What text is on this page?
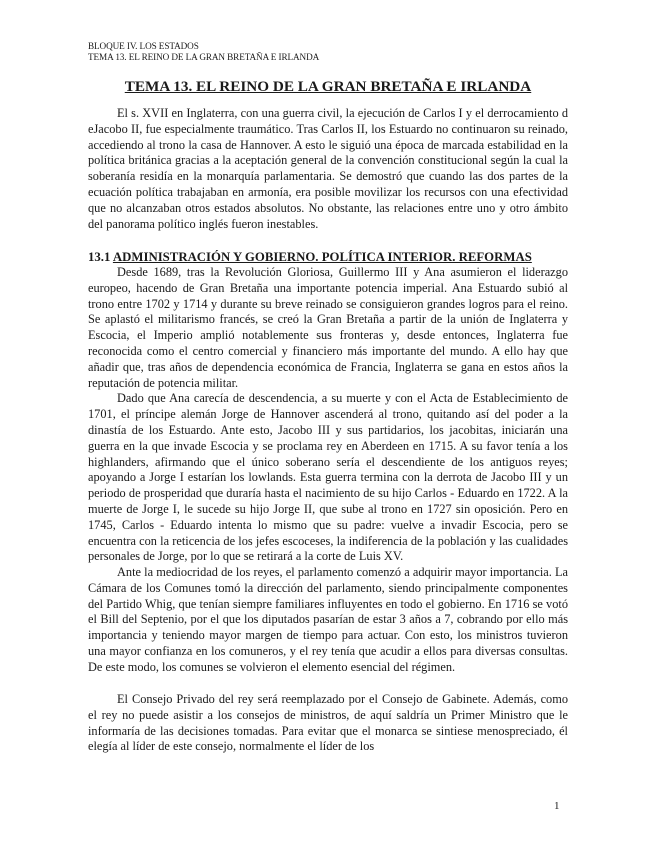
BLOQUE IV. LOS ESTADOS
TEMA 13. EL REINO DE LA GRAN BRETAÑA E IRLANDA
TEMA 13. EL REINO DE LA GRAN BRETAÑA E IRLANDA
El s. XVII en Inglaterra, con una guerra civil, la ejecución de Carlos I y el derrocamiento d eJacobo II, fue especialmente traumático. Tras Carlos II, los Estuardo no continuaron su reinado, accediendo al trono la casa de Hannover. A esto le siguió una época de marcada estabilidad en la política británica gracias a la aceptación general de la convención constitucional según la cual la soberanía residía en la monarquía parlamentaria. Se demostró que cuando las dos partes de la ecuación política trabajaban en armonía, era posible movilizar los recursos con una efectividad que no alcanzaban otros estados absolutos. No obstante, las relaciones entre uno y otro ámbito del panorama político inglés fueron inestables.
13.1 ADMINISTRACIÓN Y GOBIERNO. POLÍTICA INTERIOR. REFORMAS
Desde 1689, tras la Revolución Gloriosa, Guillermo III y Ana asumieron el liderazgo europeo, hacendo de Gran Bretaña una importante potencia imperial. Ana Estuardo subió al trono entre 1702 y 1714 y durante su breve reinado se consiguieron grandes logros para el reino. Se aplastó el militarismo francés, se creó la Gran Bretaña a partir de la unión de Inglaterra y Escocia, el Imperio amplió notablemente sus fronteras y, desde entonces, Inglaterra fue reconocida como el centro comercial y financiero más importante del mundo. A ello hay que añadir que, tras años de dependencia económica de Francia, Inglaterra se gana en estos años la reputación de potencia militar.
Dado que Ana carecía de descendencia, a su muerte y con el Acta de Establecimiento de 1701, el príncipe alemán Jorge de Hannover ascenderá al trono, quitando así del poder a la dinastía de los Estuardo. Ante esto, Jacobo III y sus partidarios, los jacobitas, iniciarán una guerra en la que invade Escocia y se proclama rey en Aberdeen en 1715. A su favor tenía a los highlanders, afirmando que el único soberano sería el descendiente de los antiguos reyes; apoyando a Jorge I estarían los lowlands. Esta guerra termina con la derrota de Jacobo III y un periodo de prosperidad que duraría hasta el nacimiento de su hijo Carlos - Eduardo en 1722. A la muerte de Jorge I, le sucede su hijo Jorge II, que sube al trono en 1727 sin oposición. Pero en 1745, Carlos - Eduardo intenta lo mismo que su padre: vuelve a invadir Escocia, pero se encuentra con la reticencia de los jefes escoceses, la indiferencia de la población y las cualidades personales de Jorge, por lo que se retirará a la corte de Luis XV.
Ante la mediocridad de los reyes, el parlamento comenzó a adquirir mayor importancia. La Cámara de los Comunes tomó la dirección del parlamento, siendo principalmente componentes del Partido Whig, que tenían siempre familiares influyentes en todo el gobierno. En 1716 se votó el Bill del Septenio, por el que los diputados pasarían de estar 3 años a 7, cobrando por ello más importancia y teniendo mayor margen de tiempo para actuar. Con esto, los ministros tuvieron una mayor confianza en los comuneros, y el rey tenía que acudir a ellos para diversas consultas. De este modo, los comunes se volvieron el elemento esencial del régimen.
El Consejo Privado del rey será reemplazado por el Consejo de Gabinete. Además, como el rey no puede asistir a los consejos de ministros, de aquí saldría un Primer Ministro que le informaría de las decisiones tomadas. Para evitar que el monarca se sintiese menospreciado, él elegía al líder de este consejo, normalmente el líder de los
1
